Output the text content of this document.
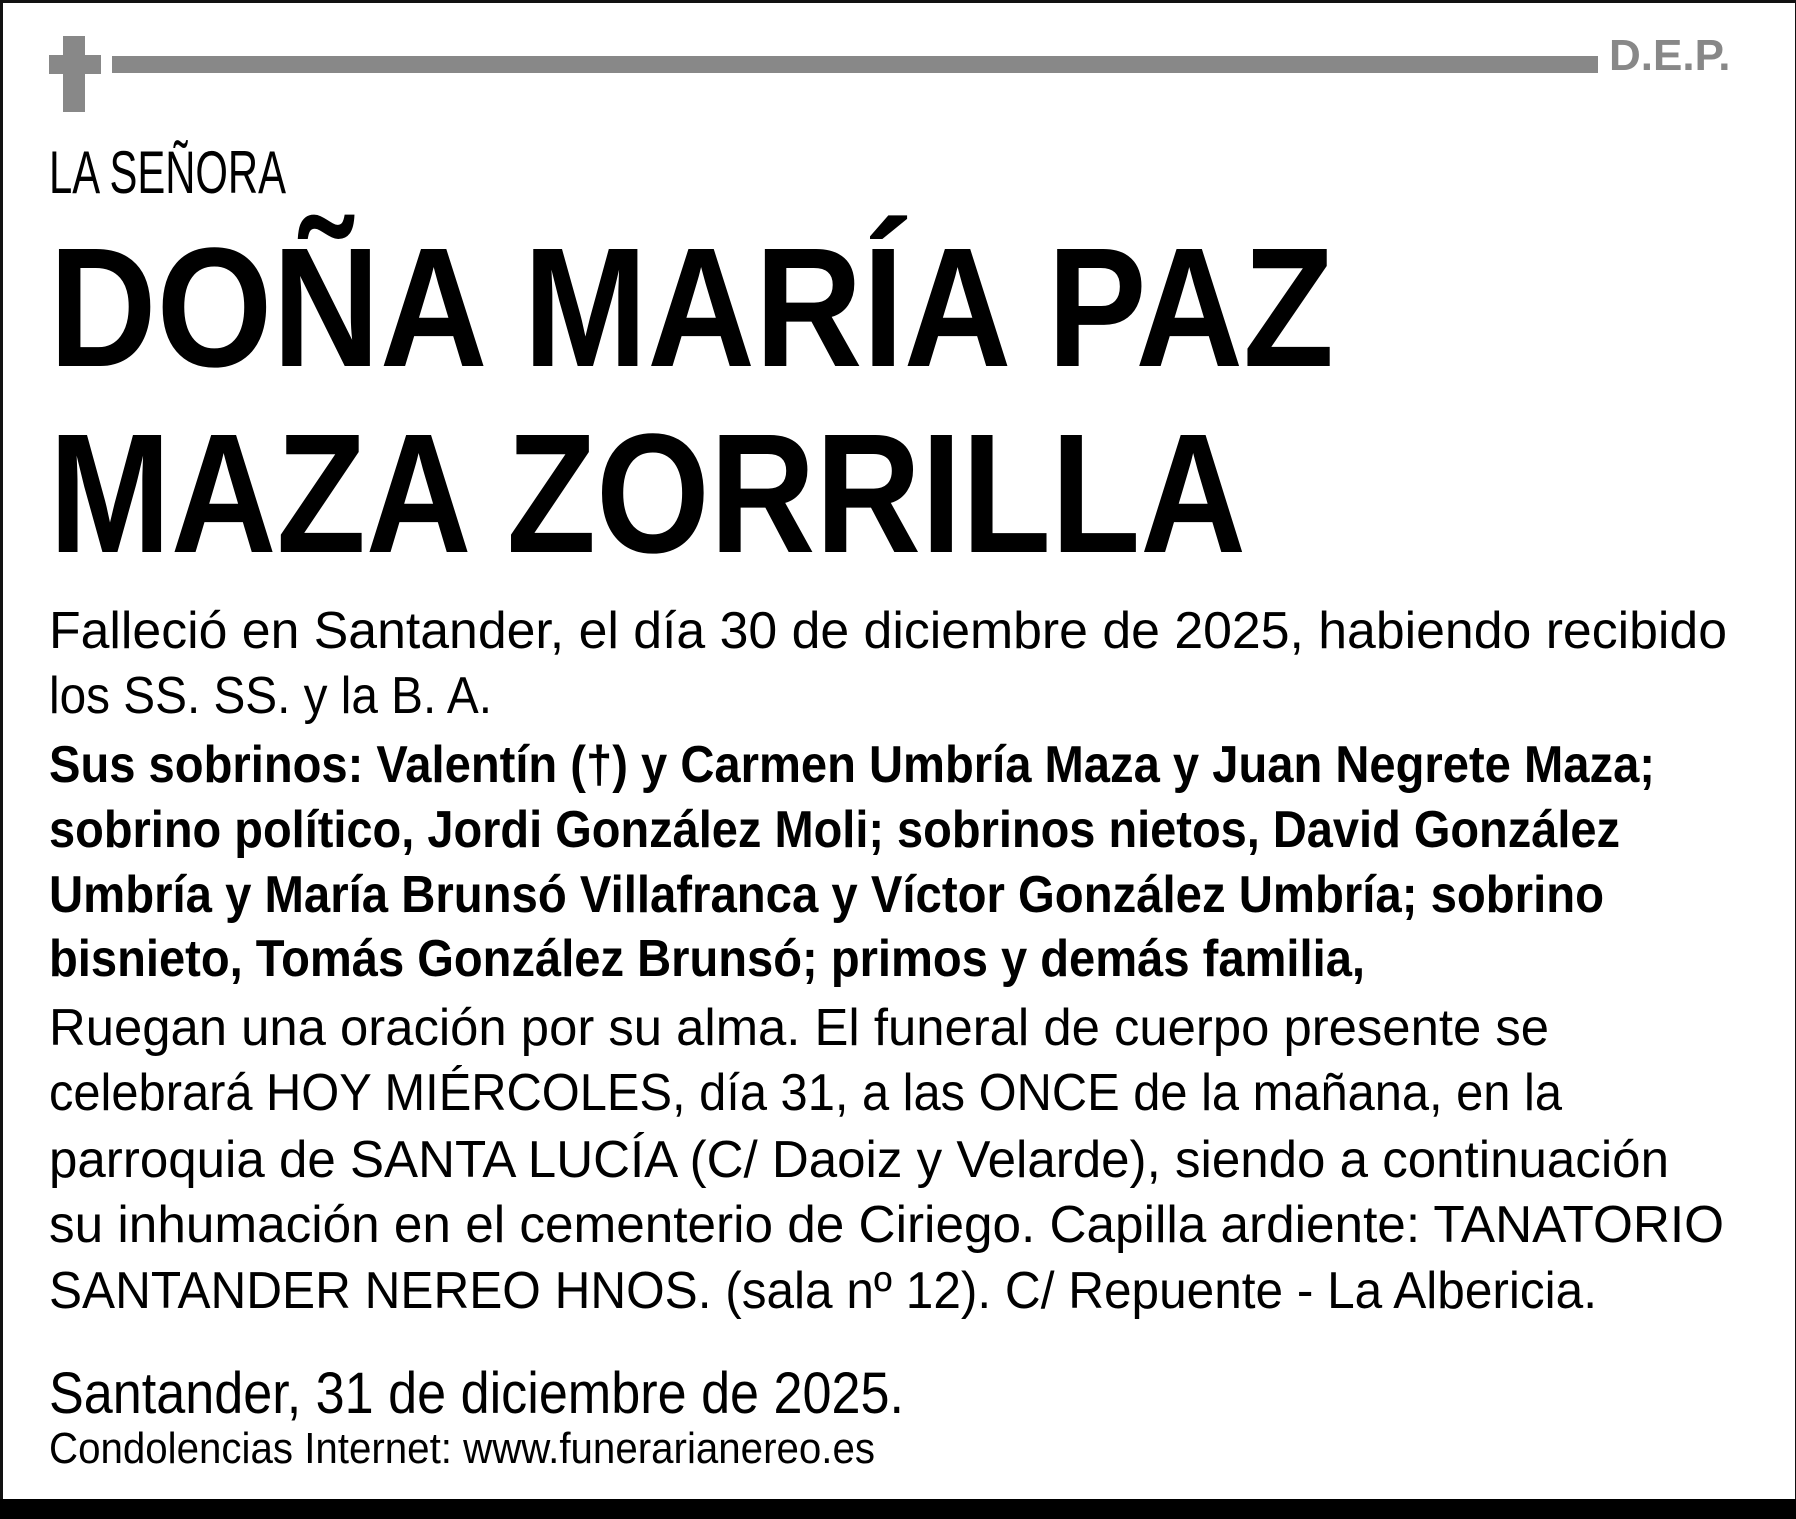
D.E.P.
LA SEÑORA
DOÑA MARÍA PAZ
MAZA ZORRILLA
Falleció en Santander, el día 30 de diciembre de 2025, habiendo recibido
los SS. SS. y la B. A.
Sus sobrinos: Valentín (†) y Carmen Umbría Maza y Juan Negrete Maza;
sobrino político, Jordi González Moli; sobrinos nietos, David González
Umbría y María Brunsó Villafranca y Víctor González Umbría; sobrino
bisnieto, Tomás González Brunsó; primos y demás familia,
Ruegan una oración por su alma. El funeral de cuerpo presente se
celebrará HOY MIÉRCOLES, día 31, a las ONCE de la mañana, en la
parroquia de SANTA LUCÍA (C/ Daoiz y Velarde), siendo a continuación
su inhumación en el cementerio de Ciriego. Capilla ardiente: TANATORIO
SANTANDER NEREO HNOS. (sala nº 12). C/ Repuente - La Albericia.
Santander, 31 de diciembre de 2025.
Condolencias Internet: www.funerarianereo.es
